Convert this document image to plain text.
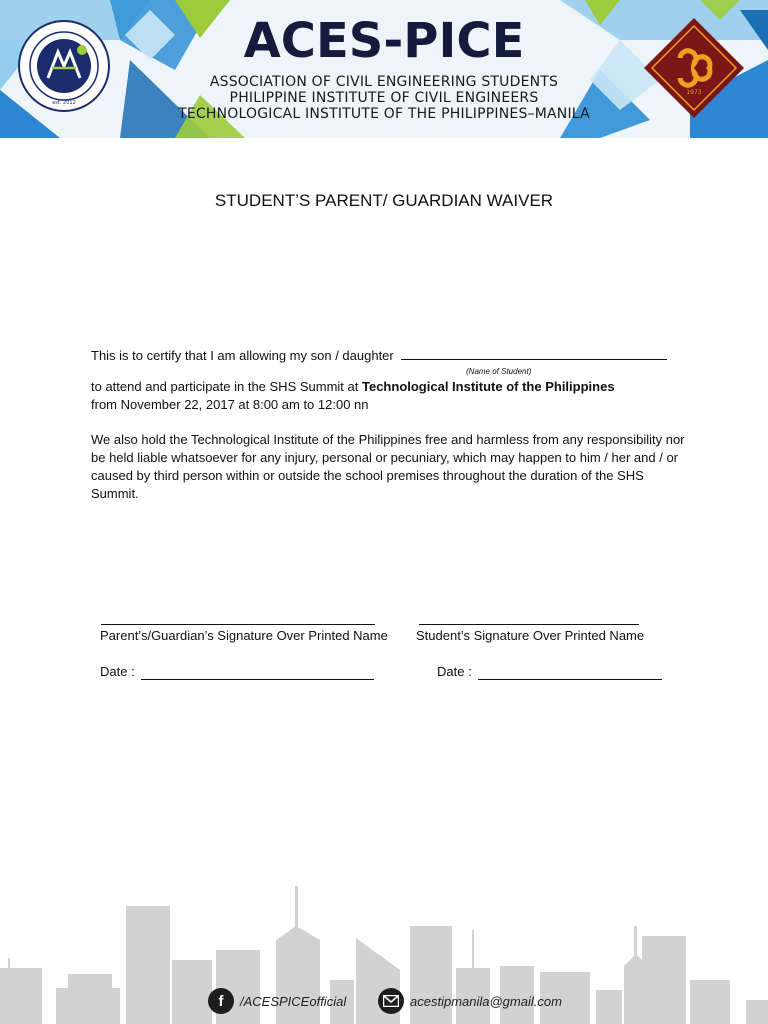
est. 2012
ACES-PICE
ASSOCIATION OF CIVIL ENGINEERING STUDENTS
PHILIPPINE INSTITUTE OF CIVIL ENGINEERS
TECHNOLOGICAL INSTITUTE OF THE PHILIPPINES–MANILA
1973
STUDENT’S PARENT/ GUARDIAN WAIVER
This is to certify that I am allowing my son / daughter
(Name of Student)
to attend and participate in the SHS Summit at Technological Institute of the Philippines
from November 22, 2017 at 8:00 am to 12:00 nn
We also hold the Technological Institute of the Philippines free and harmless from any responsibility nor be held liable whatsoever for any injury, personal or pecuniary, which may happen to him / her and / or caused by third person within or outside the school premises throughout the duration of the SHS Summit.
Parent’s/Guardian’s Signature Over Printed Name Student’s Signature Over Printed Name
Date :	Date :
f	/ACESPICEofficial	acestipmanila@gmail.com
